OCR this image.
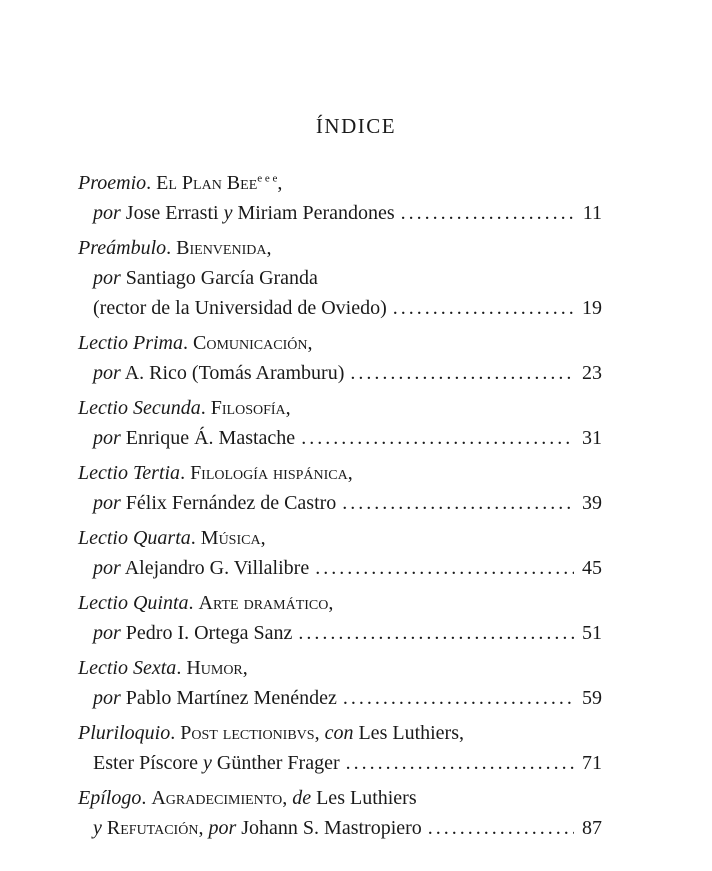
ÍNDICE
Proemio. El Plan Bee$^{e e e}$,
por Jose Errasti y Miriam Perandones .....	11
Preámbulo. Bienvenida,
por Santiago García Granda
(rector de la Universidad de Oviedo) .....	19
Lectio Prima. Comunicación,
por A. Rico (Tomás Aramburu) .....	23
Lectio Secunda. Filosofía,
por Enrique Á. Mastache .....	31
Lectio Tertia. Filología hispánica,
por Félix Fernández de Castro .....	39
Lectio Quarta. Música,
por Alejandro G. Villalibre .....	45
Lectio Quinta. Arte dramático,
por Pedro I. Ortega Sanz .....	51
Lectio Sexta. Humor,
por Pablo Martínez Menéndez .....	59
Pluriloquio. Post lectionibvs, con Les Luthiers,
Ester Píscore y Günther Frager .....	71
Epílogo. Agradecimiento, de Les Luthiers
y Refutación, por Johann S. Mastropiero .....	87
